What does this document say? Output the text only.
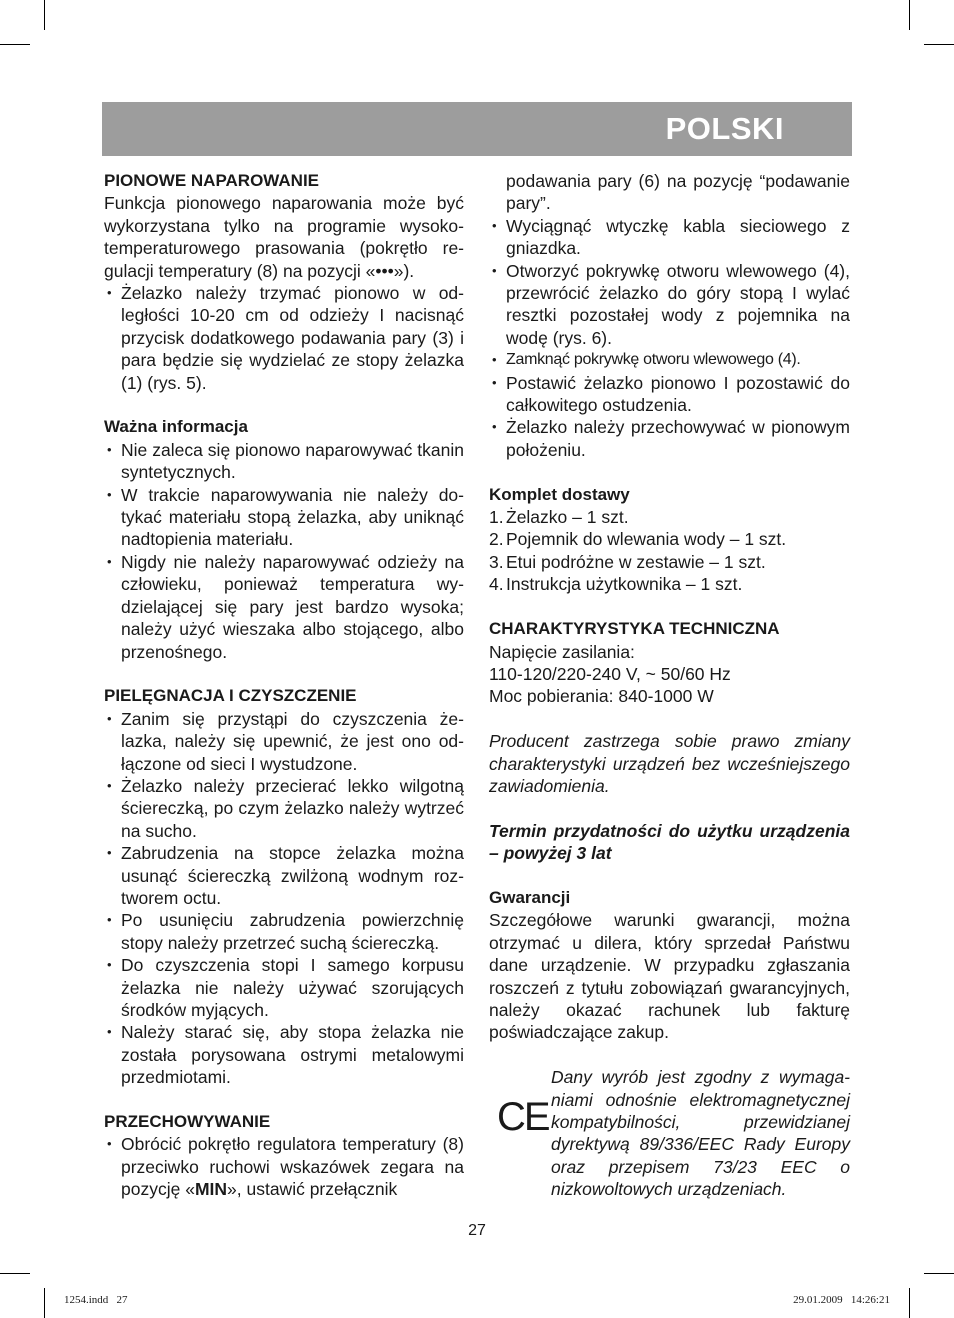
POLSKI
PIONOWE NAPAROWANIE
Funkcja pionowego naparowania może być wykorzystana tylko na programie wysokotemperaturowego prasowania (pokrętło regulacji temperatury (8) na pozycji «•••»).
• Żelazko należy trzymać pionowo w odległości 10-20 cm od odzieży I nacisnąć przycisk dodatkowego podawania pary (3) i para będzie się wydzielać ze stopy żelazka (1) (rys. 5).
Ważna informacja
• Nie zaleca się pionowo naparowywać tkanin syntetycznych.
• W trakcie naparowywania nie należy dotykać materiału stopą żelazka, aby uniknąć nadtopienia materiału.
• Nigdy nie należy naparowywać odzieży na człowieku, ponieważ temperatura wydzielającej się pary jest bardzo wysoka; należy użyć wieszaka albo stojącego, albo przenośnego.
PIELĘGNACJA I CZYSZCZENIE
• Zanim się przystąpi do czyszczenia żelazka, należy się upewnić, że jest ono odłączone od sieci I wystudzone.
• Żelazko należy przecierać lekko wilgotną ściereczką, po czym żelazko należy wytrzeć na sucho.
• Zabrudzenia na stopce żelazka można usunąć ściereczką zwilżoną wodnym roztworem octu.
• Po usunięciu zabrudzenia powierzchnię stopy należy przetrzeć suchą ściereczką.
• Do czyszczenia stopi I samego korpusu żelazka nie należy używać szorujących środków myjących.
• Należy starać się, aby stopa żelazka nie została porysowana ostrymi metalowymi przedmiotami.
PRZECHOWYWANIE
• Obrócić pokrętło regulatora temperatury (8) przeciwko ruchowi wskazówek zegara na pozycję «MIN», ustawić przełącznik
podawania pary (6) na pozycję “podawanie pary”.
• Wyciągnąć wtyczkę kabla sieciowego z gniazdka.
• Otworzyć pokrywkę otworu wlewowego (4), przewrócić żelazko do góry stopą I wylać resztki pozostałej wody z pojemnika na wodę (rys. 6).
• Zamknąć pokrywkę otworu wlewowego (4).
• Postawić żelazko pionowo I pozostawić do całkowitego ostudzenia.
• Żelazko należy przechowywać w pionowym położeniu.
Komplet dostawy
1. Żelazko – 1 szt.
2. Pojemnik do wlewania wody – 1 szt.
3. Etui podróżne w zestawie – 1 szt.
4. Instrukcja użytkownika – 1 szt.
CHARAKTYRYSTYKA TECHNICZNA
Napięcie zasilania:
110-120/220-240 V, ~ 50/60 Hz
Moc pobierania: 840-1000 W
Producent zastrzega sobie prawo zmiany charakterystyki urządzeń bez wcześniejszego zawiadomienia.
Termin przydatności do użytku urządzenia – powyżej 3 lat
Gwarancji
Szczegółowe warunki gwarancji, można otrzymać u dilera, który sprzedał Państwu dane urządzenie. W przypadku zgłaszania roszczeń z tytułu zobowiązań gwarancyjnych, należy okazać rachunek lub fakturę poświadczające zakup.
CE
Dany wyrób jest zgodny z wymaganiami odnośnie elektromagnetycznej kompatybilności, przewidzianej dyrektywą 89/336/EEC Rady Europy oraz przepisem 73/23 EEC o nizkowoltowych urządzeniach.
27
1254.indd   27	29.01.2009   14:26:21
